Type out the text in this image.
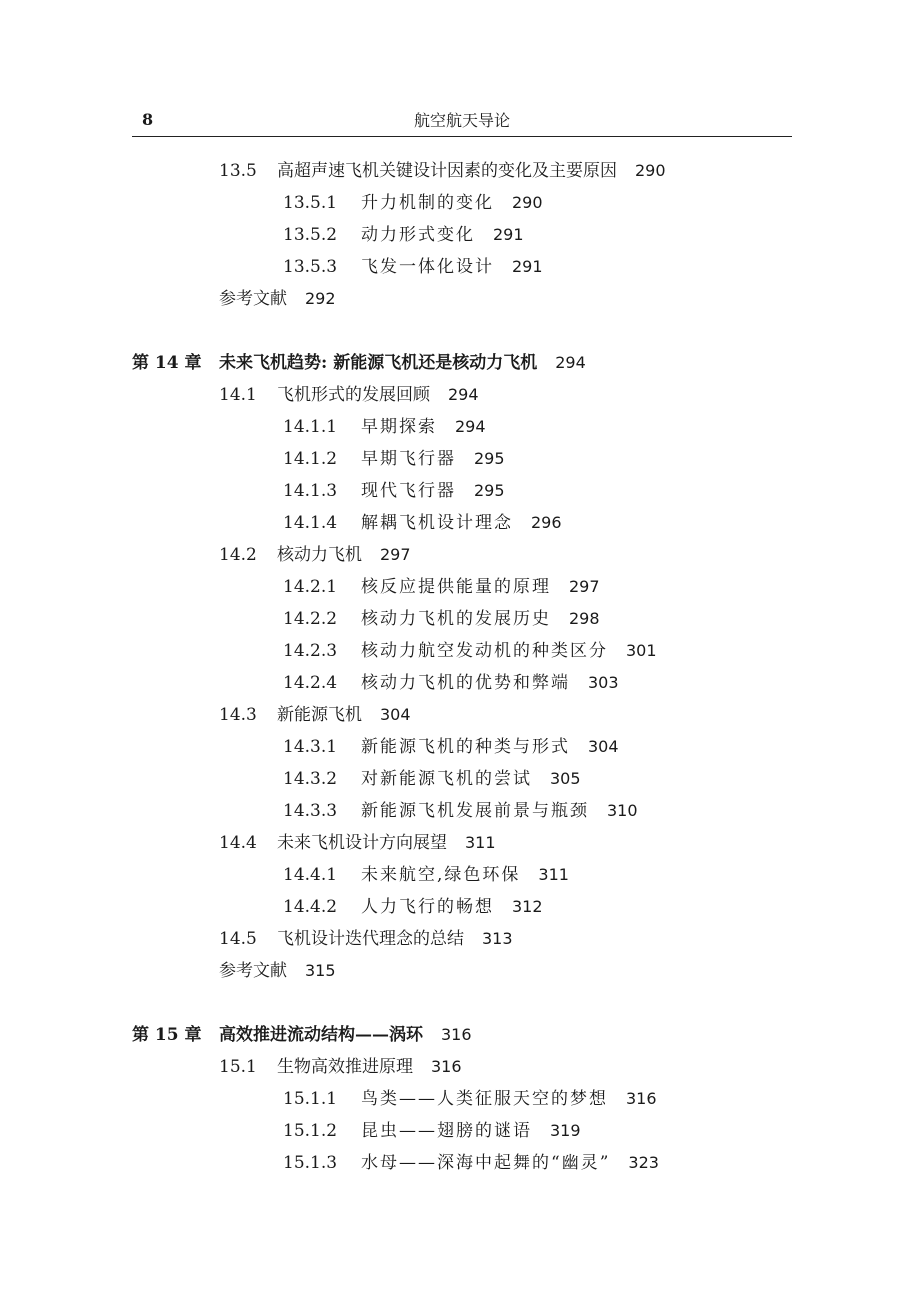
8	航空航天导论
13.5	高超声速飞机关键设计因素的变化及主要原因 290
13.5.1	升力机制的变化 290
13.5.2	动力形式变化 291
13.5.3	飞发一体化设计 291
参考文献 292
第 14 章	未来飞机趋势: 新能源飞机还是核动力飞机 294
14.1	飞机形式的发展回顾 294
14.1.1	早期探索 294
14.1.2	早期飞行器 295
14.1.3	现代飞行器 295
14.1.4	解耦飞机设计理念 296
14.2	核动力飞机 297
14.2.1	核反应提供能量的原理 297
14.2.2	核动力飞机的发展历史 298
14.2.3	核动力航空发动机的种类区分 301
14.2.4	核动力飞机的优势和弊端 303
14.3	新能源飞机 304
14.3.1	新能源飞机的种类与形式 304
14.3.2	对新能源飞机的尝试 305
14.3.3	新能源飞机发展前景与瓶颈 310
14.4	未来飞机设计方向展望 311
14.4.1	未来航空,绿色环保 311
14.4.2	人力飞行的畅想 312
14.5	飞机设计迭代理念的总结 313
参考文献 315
第 15 章	高效推进流动结构——涡环 316
15.1	生物高效推进原理 316
15.1.1	鸟类——人类征服天空的梦想 316
15.1.2	昆虫——翅膀的谜语 319
15.1.3	水母——深海中起舞的“幽灵” 323
